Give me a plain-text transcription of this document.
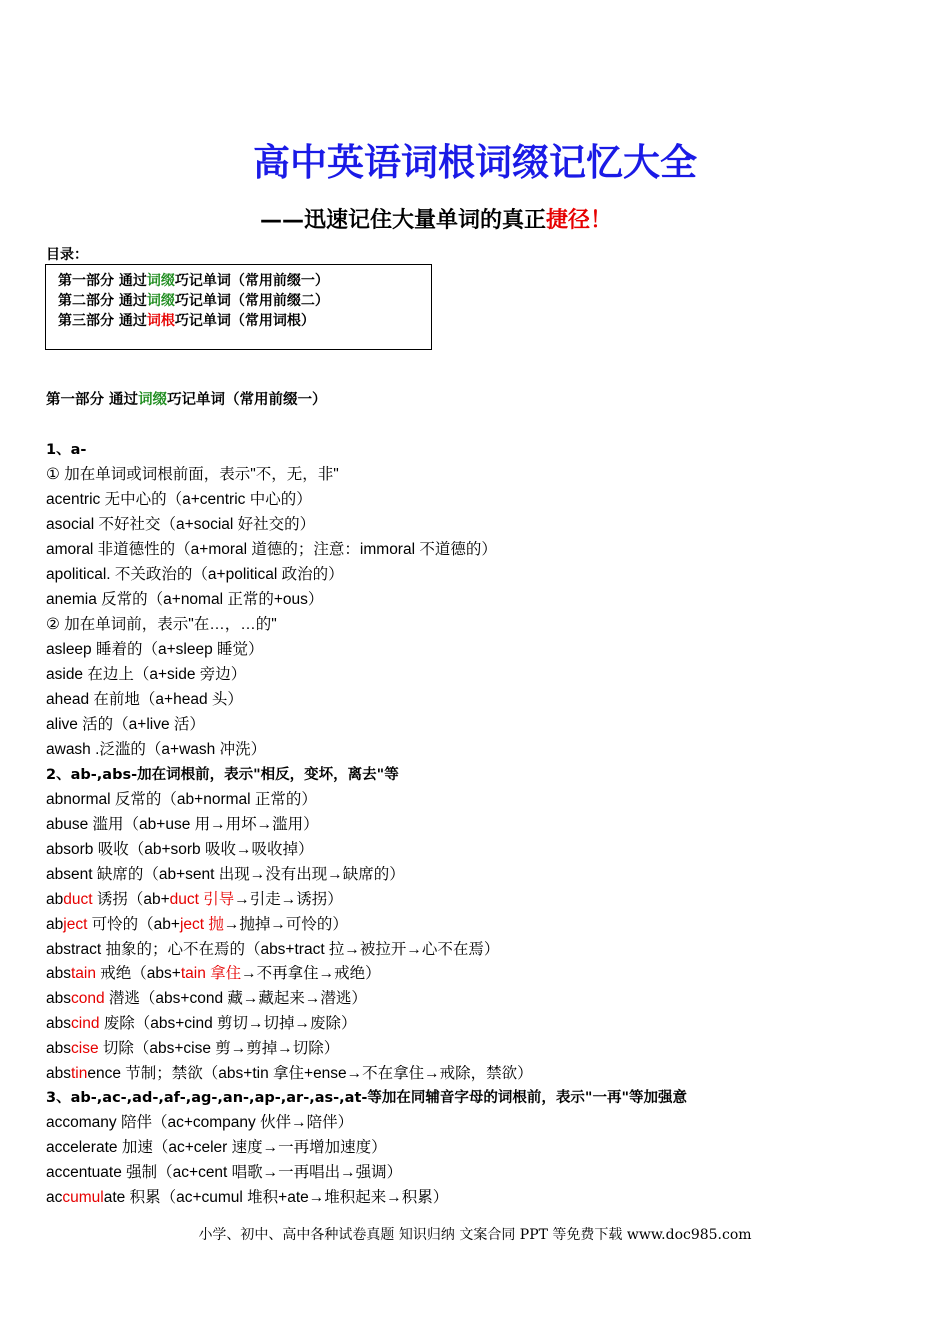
高中英语词根词缀记忆大全
——迅速记住大量单词的真正捷径！
目录：
第一部分 通过词缀巧记单词（常用前缀一）
第二部分 通过词缀巧记单词（常用前缀二）
第三部分 通过词根巧记单词（常用词根）
第一部分 通过词缀巧记单词（常用前缀一）
1、a-
① 加在单词或词根前面，表示"不，无，非"
acentric 无中心的（a+centric 中心的）
asocial 不好社交（a+social 好社交的）
amoral 非道德性的（a+moral 道德的；注意：immoral 不道德的）
apolitical. 不关政治的（a+political 政治的）
anemia 反常的（a+nomal 正常的+ous）
② 加在单词前，表示"在…，…的"
asleep 睡着的（a+sleep 睡觉）
aside 在边上（a+side 旁边）
ahead 在前地（a+head 头）
alive 活的（a+live 活）
awash .泛滥的（a+wash 冲洗）
2、ab-,abs-加在词根前，表示"相反，变坏，离去"等
abnormal 反常的（ab+normal 正常的）
abuse 滥用（ab+use 用→用坏→滥用）
absorb 吸收（ab+sorb 吸收→吸收掉）
absent 缺席的（ab+sent 出现→没有出现→缺席的）
abduct 诱拐（ab+duct 引导→引走→诱拐）
abject 可怜的（ab+ject 抛→抛掉→可怜的）
abstract 抽象的；心不在焉的（abs+tract 拉→被拉开→心不在焉）
abstain 戒绝（abs+tain 拿住→不再拿住→戒绝）
abscond 潜逃（abs+cond 藏→藏起来→潜逃）
abscind 废除（abs+cind 剪切→切掉→废除）
abscise 切除（abs+cise 剪→剪掉→切除）
abstinence 节制；禁欲（abs+tin 拿住+ense→不在拿住→戒除，禁欲）
3、ab-,ac-,ad-,af-,ag-,an-,ap-,ar-,as-,at-等加在同辅音字母的词根前，表示"一再"等加强意
accomany 陪伴（ac+company 伙伴→陪伴）
accelerate 加速（ac+celer 速度→一再增加速度）
accentuate 强制（ac+cent 唱歌→一再唱出→强调）
accumulate 积累（ac+cumul 堆积+ate→堆积起来→积累）
小学、初中、高中各种试卷真题 知识归纳 文案合同 PPT 等免费下载 www.doc985.com
